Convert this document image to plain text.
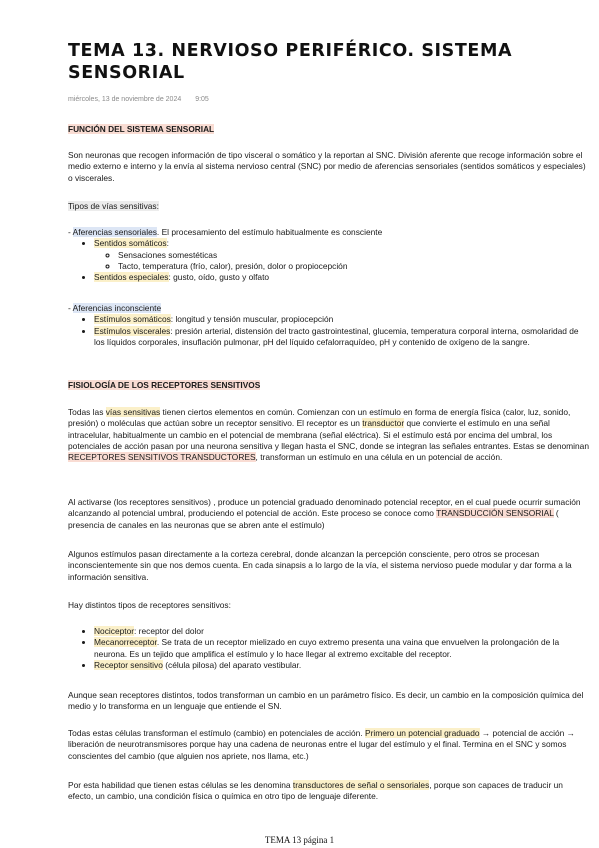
TEMA 13. NERVIOSO PERIFÉRICO. SISTEMA SENSORIAL
miércoles, 13 de noviembre de 2024 9:05
FUNCIÓN DEL SISTEMA SENSORIAL

Son neuronas que recogen información de tipo visceral o somático y la reportan al SNC. División aferente que recoge información sobre el medio externo e interno y la envía al sistema nervioso central (SNC) por medio de aferencias sensoriales (sentidos somáticos y especiales) o viscerales.

Tipos de vías sensitivas:
- Aferencias sensoriales. El procesamiento del estímulo habitualmente es consciente
• Sentidos somáticos:
◦ Sensaciones somestéticas
◦ Tacto, temperatura (frío, calor), presión, dolor o propiocepción
• Sentidos especiales: gusto, oído, gusto y olfato
- Aferencias inconsciente
• Estímulos somáticos: longitud y tensión muscular, propiocepción
• Estímulos viscerales: presión arterial, distensión del tracto gastrointestinal, glucemia, temperatura corporal interna, osmolaridad de los líquidos corporales, insuflación pulmonar, pH del líquido cefalorraquídeo, pH y contenido de oxígeno de la sangre.
FISIOLOGÍA DE LOS RECEPTORES SENSITIVOS

Todas las vías sensitivas tienen ciertos elementos en común. Comienzan con un estímulo en forma de energía física (calor, luz, sonido, presión) o moléculas que actúan sobre un receptor sensitivo. El receptor es un transductor que convierte el estímulo en una señal intracelular, habitualmente un cambio en el potencial de membrana (señal eléctrica). Si el estímulo está por encima del umbral, los potenciales de acción pasan por una neurona sensitiva y llegan hasta el SNC, donde se integran las señales entrantes. Estas se denominan RECEPTORES SENSITIVOS TRANSDUCTORES, transforman un estímulo en una célula en un potencial de acción.

Al activarse (los receptores sensitivos) , produce un potencial graduado denominado potencial receptor, en el cual puede ocurrir sumación alcanzando al potencial umbral, produciendo el potencial de acción. Este proceso se conoce como TRANSDUCCIÓN SENSORIAL ( presencia de canales en las neuronas que se abren ante el estímulo)

Algunos estímulos pasan directamente a la corteza cerebral, donde alcanzan la percepción consciente, pero otros se procesan inconscientemente sin que nos demos cuenta. En cada sinapsis a lo largo de la vía, el sistema nervioso puede modular y dar forma a la información sensitiva.

Hay distintos tipos de receptores sensitivos:

• Nociceptor: receptor del dolor
• Mecanorreceptor. Se trata de un receptor mielizado en cuyo extremo presenta una vaina que envuelven la prolongación de la neurona. Es un tejido que amplifica el estímulo y lo hace llegar al extremo excitable del receptor.
• Receptor sensitivo (célula pilosa) del aparato vestibular.

Aunque sean receptores distintos, todos transforman un cambio en un parámetro físico. Es decir, un cambio en la composición química del medio y lo transforma en un lenguaje que entiende el SN.

Todas estas células transforman el estímulo (cambio) en potenciales de acción. Primero un potencial graduado → potencial de acción → liberación de neurotransmisores porque hay una cadena de neuronas entre el lugar del estímulo y el final. Termina en el SNC y somos conscientes del cambio (que alguien nos apriete, nos llama, etc.)

Por esta habilidad que tienen estas células se les denomina transductores de señal o sensoriales, porque son capaces de traducir un efecto, un cambio, una condición física o química en otro tipo de lenguaje diferente.

TEMA 13 página 1
